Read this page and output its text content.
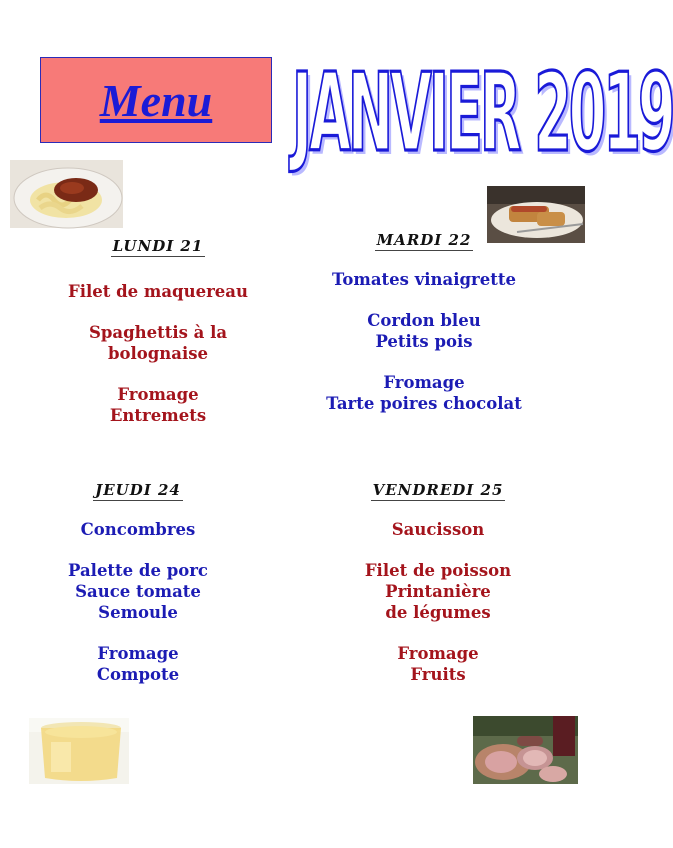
Menu JANVIER 2019
LUNDI 21

Filet de maquereau

Spaghettis à la

bolognaise

Fromage

Entremets

MARDI 22

Tomates vinaigrette

Cordon bleu

Petits pois

Fromage

Tarte poires chocolat

JEUDI 24

Concombres

Palette de porc

Sauce tomate

Semoule

Fromage

Compote

VENDREDI 25

Saucisson

Filet de poisson

Printanière

de légumes

Fromage

Fruits
